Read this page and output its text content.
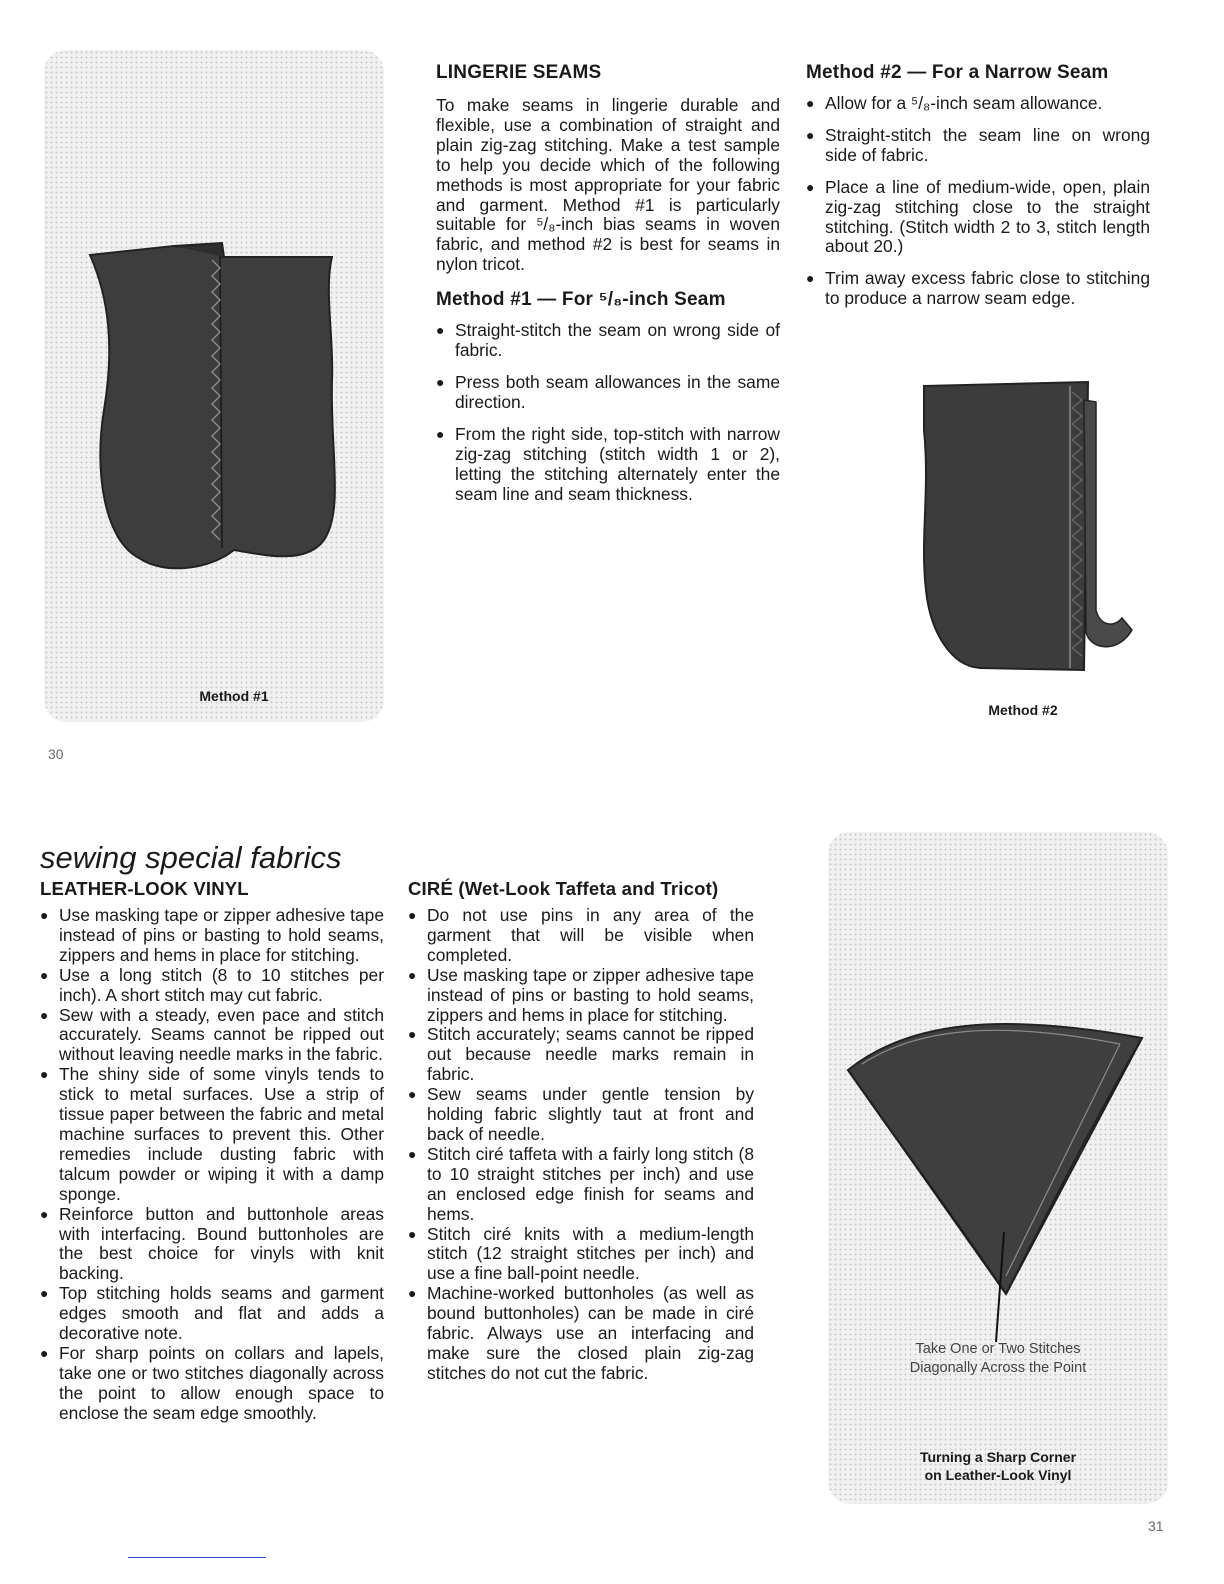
Method #1
LINGERIE SEAMS

To make seams in lingerie durable and flexible, use a combination of straight and plain zig-zag stitching. Make a test sample to help you decide which of the following methods is most appropriate for your fabric and garment. Method #1 is particularly suitable for ⁵/₈-inch bias seams in woven fabric, and method #2 is best for seams in nylon tricot.

Method #1 — For ⁵/₈-inch Seam
● Straight-stitch the seam on wrong side of fabric.
● Press both seam allowances in the same direction.
● From the right side, top-stitch with narrow zig-zag stitching (stitch width 1 or 2), letting the stitching alternately enter the seam line and seam thickness.
Method #2 — For a Narrow Seam
● Allow for a ⁵/₈-inch seam allowance.
● Straight-stitch the seam line on wrong side of fabric.
● Place a line of medium-wide, open, plain zig-zag stitching close to the straight stitching. (Stitch width 2 to 3, stitch length about 20.)
● Trim away excess fabric close to stitching to produce a narrow seam edge.
Method #2
30
sewing special fabrics
LEATHER-LOOK VINYL
● Use masking tape or zipper adhesive tape instead of pins or basting to hold seams, zippers and hems in place for stitching.
● Use a long stitch (8 to 10 stitches per inch). A short stitch may cut fabric.
● Sew with a steady, even pace and stitch accurately. Seams cannot be ripped out without leaving needle marks in the fabric.
● The shiny side of some vinyls tends to stick to metal surfaces. Use a strip of tissue paper between the fabric and metal machine surfaces to prevent this. Other remedies include dusting fabric with talcum powder or wiping it with a damp sponge.
● Reinforce button and buttonhole areas with interfacing. Bound buttonholes are the best choice for vinyls with knit backing.
● Top stitching holds seams and garment edges smooth and flat and adds a decorative note.
● For sharp points on collars and lapels, take one or two stitches diagonally across the point to allow enough space to enclose the seam edge smoothly.
CIRÉ (Wet-Look Taffeta and Tricot)
● Do not use pins in any area of the garment that will be visible when completed.
● Use masking tape or zipper adhesive tape instead of pins or basting to hold seams, zippers and hems in place for stitching.
● Stitch accurately; seams cannot be ripped out because needle marks remain in fabric.
● Sew seams under gentle tension by holding fabric slightly taut at front and back of needle.
● Stitch ciré taffeta with a fairly long stitch (8 to 10 straight stitches per inch) and use an enclosed edge finish for seams and hems.
● Stitch ciré knits with a medium-length stitch (12 straight stitches per inch) and use a fine ball-point needle.
● Machine-worked buttonholes (as well as bound buttonholes) can be made in ciré fabric. Always use an interfacing and make sure the closed plain zig-zag stitches do not cut the fabric.
Take One or Two Stitches
Diagonally Across the Point
Turning a Sharp Corner
on Leather-Look Vinyl
31
